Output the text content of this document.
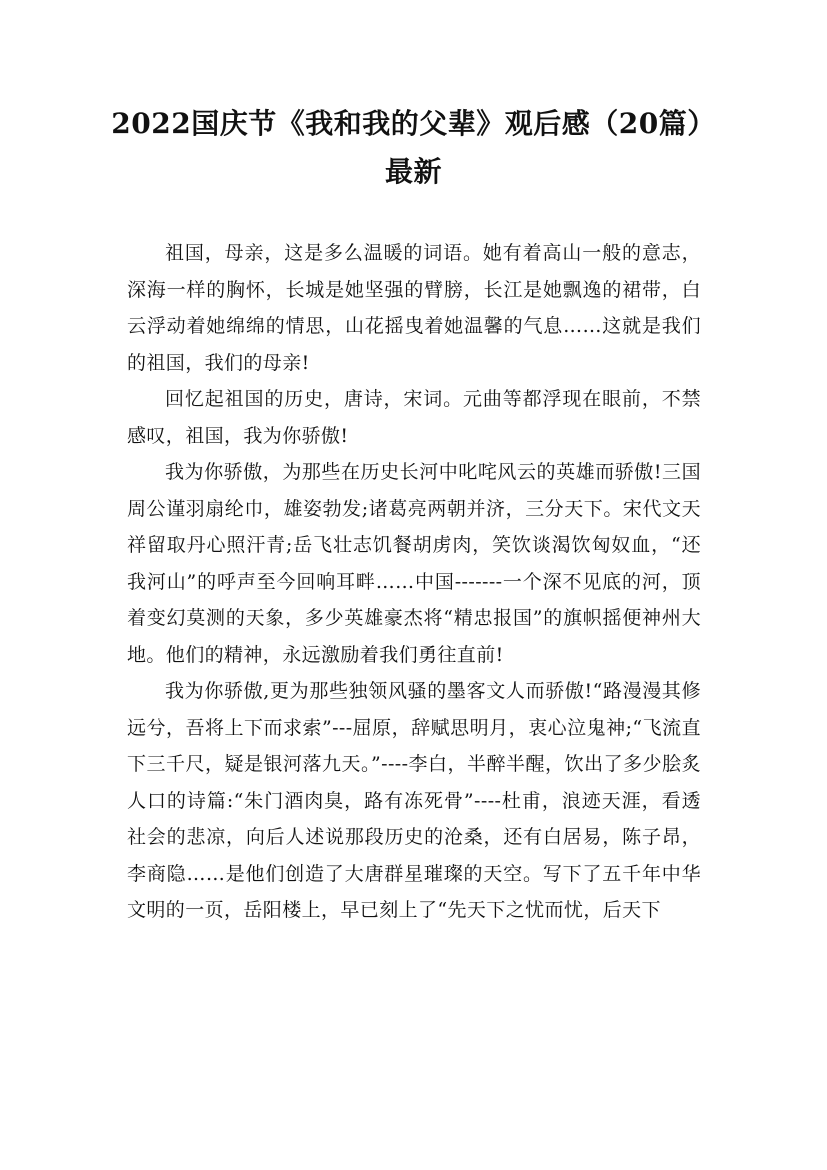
2022国庆节《我和我的父辈》观后感（20篇）最新

祖国，母亲，这是多么温暖的词语。她有着高山一般的意志，深海一样的胸怀，长城是她坚强的臂膀，长江是她飘逸的裙带，白云浮动着她绵绵的情思，山花摇曳着她温馨的气息……这就是我们的祖国，我们的母亲!

回忆起祖国的历史，唐诗，宋词。元曲等都浮现在眼前，不禁感叹，祖国，我为你骄傲!

我为你骄傲，为那些在历史长河中叱咤风云的英雄而骄傲!三国周公谨羽扇纶巾，雄姿勃发;诸葛亮两朝并济，三分天下。宋代文天祥留取丹心照汗青;岳飞壮志饥餐胡虏肉，笑饮谈渴饮匈奴血，“还我河山”的呼声至今回响耳畔……中国-------一个深不见底的河，顶着变幻莫测的天象，多少英雄豪杰将“精忠报国”的旗帜摇便神州大地。他们的精神，永远激励着我们勇往直前!

我为你骄傲,更为那些独领风骚的墨客文人而骄傲!“路漫漫其修远兮，吾将上下而求索”---屈原，辞赋思明月，衷心泣鬼神;“飞流直下三千尺，疑是银河落九天。”----李白，半醉半醒，饮出了多少脍炙人口的诗篇:“朱门酒肉臭，路有冻死骨”----杜甫，浪迹天涯，看透社会的悲凉，向后人述说那段历史的沧桑，还有白居易，陈子昂，李商隐……是他们创造了大唐群星璀璨的天空。写下了五千年中华文明的一页，岳阳楼上，早已刻上了“先天下之忧而忧，后天下
